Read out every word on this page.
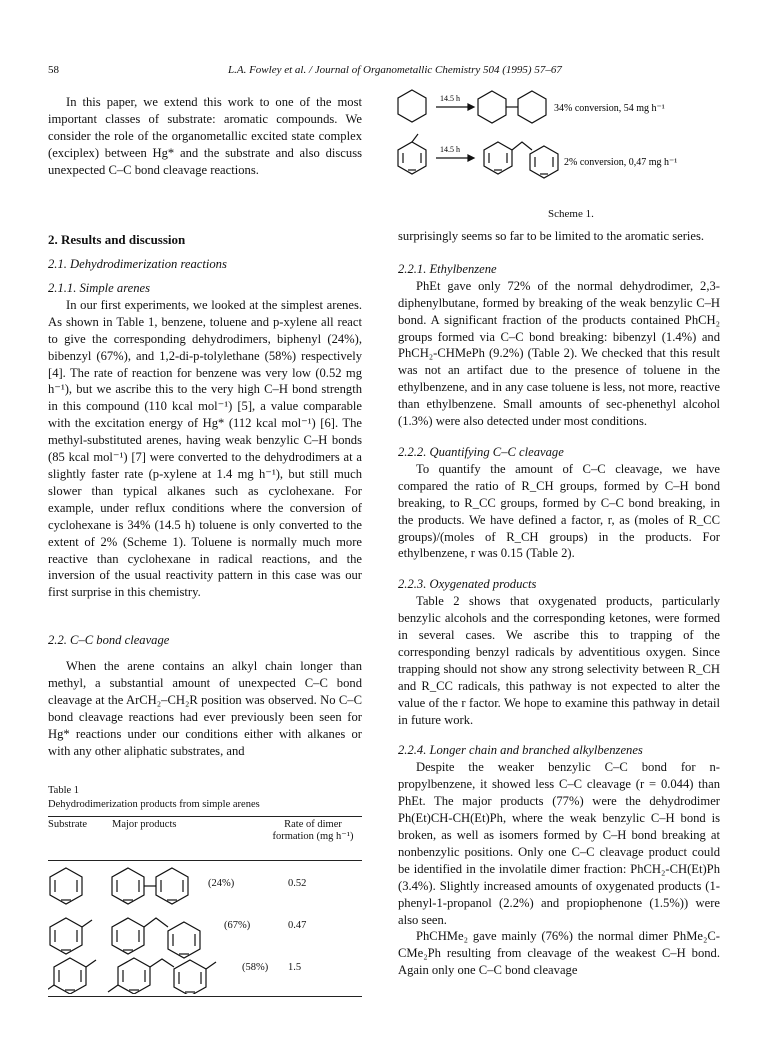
58	L.A. Fowley et al. / Journal of Organometallic Chemistry 504 (1995) 57–67

In this paper, we extend this work to one of the most important classes of substrate: aromatic compounds. We consider the role of the organometallic excited state complex (exciplex) between Hg* and the substrate and also discuss unexpected C–C bond cleavage reactions.

14.5 h
34% conversion, 54 mg h⁻¹
14.5 h
2% conversion, 0,47 mg h⁻¹
Scheme 1.
2. Results and discussion
2.1. Dehydrodimerization reactions

2.1.1. Simple arenes

In our first experiments, we looked at the simplest arenes. As shown in Table 1, benzene, toluene and p-xylene all react to give the corresponding dehydrodimers, biphenyl (24%), bibenzyl (67%), and 1,2-di-p-tolylethane (58%) respectively [4]. The rate of reaction for benzene was very low (0.52 mg h⁻¹), but we ascribe this to the very high C–H bond strength in this compound (110 kcal mol⁻¹) [5], a value comparable with the excitation energy of Hg* (112 kcal mol⁻¹) [6]. The methyl-substituted arenes, having weak benzylic C–H bonds (85 kcal mol⁻¹) [7] were converted to the dehydrodimers at a slightly faster rate (p-xylene at 1.4 mg h⁻¹), but still much slower than typical alkanes such as cyclohexane. For example, under reflux conditions where the conversion of cyclohexane is 34% (14.5 h) toluene is only converted to the extent of 2% (Scheme 1). Toluene is normally much more reactive than cyclohexane in radical reactions, and the inversion of the usual reactivity pattern in this case was our first surprise in this chemistry.

2.2. C–C bond cleavage

When the arene contains an alkyl chain longer than methyl, a substantial amount of unexpected C–C bond cleavage at the ArCH₂–CH₂R position was observed. No C–C bond cleavage reactions had ever previously been seen for Hg* reactions under our conditions either with alkanes or with any other aliphatic substrates, and

Table 1
Dehydrodimerization products from simple arenes
Substrate Major products	Rate of dimer formation (mg h⁻¹)
(24%)	0.52
(67%)	0.47
(58%) 1.5

surprisingly seems so far to be limited to the aromatic series.

2.2.1. Ethylbenzene

PhEt gave only 72% of the normal dehydrodimer, 2,3-diphenylbutane, formed by breaking of the weak benzylic C–H bond. A significant fraction of the products contained PhCH₂ groups formed via C–C bond breaking: bibenzyl (1.4%) and PhCH₂-CHMePh (9.2%) (Table 2). We checked that this result was not an artifact due to the presence of toluene in the ethylbenzene, and in any case toluene is less, not more, reactive than ethylbenzene. Small amounts of sec-phenethyl alcohol (1.3%) were also detected under most conditions.

2.2.2. Quantifying C–C cleavage

To quantify the amount of C–C cleavage, we have compared the ratio of R_CH groups, formed by C–H bond breaking, to R_CC groups, formed by C–C bond breaking, in the products. We have defined a factor, r, as (moles of R_CC groups)/(moles of R_CH groups) in the products. For ethylbenzene, r was 0.15 (Table 2).

2.2.3. Oxygenated products

Table 2 shows that oxygenated products, particularly benzylic alcohols and the corresponding ketones, were formed in several cases. We ascribe this to trapping of the corresponding benzyl radicals by adventitious oxygen. Since trapping should not show any strong selectivity between R_CH and R_CC radicals, this pathway is not expected to alter the value of the r factor. We hope to examine this pathway in detail in future work.

2.2.4. Longer chain and branched alkylbenzenes

Despite the weaker benzylic C–C bond for n-propylbenzene, it showed less C–C cleavage (r = 0.044) than PhEt. The major products (77%) were the dehydrodimer Ph(Et)CH-CH(Et)Ph, where the weak benzylic C–H bond is broken, as well as isomers formed by C–H bond breaking at nonbenzylic positions. Only one C–C cleavage product could be identified in the involatile dimer fraction: PhCH₂-CH(Et)Ph (3.4%). Slightly increased amounts of oxygenated products (1-phenyl-1-propanol (2.2%) and propiophenone (1.5%)) were also seen.

PhCHMe₂ gave mainly (76%) the normal dimer PhMe₂C-CMe₂Ph resulting from cleavage of the weakest C–H bond. Again only one C–C bond cleavage
